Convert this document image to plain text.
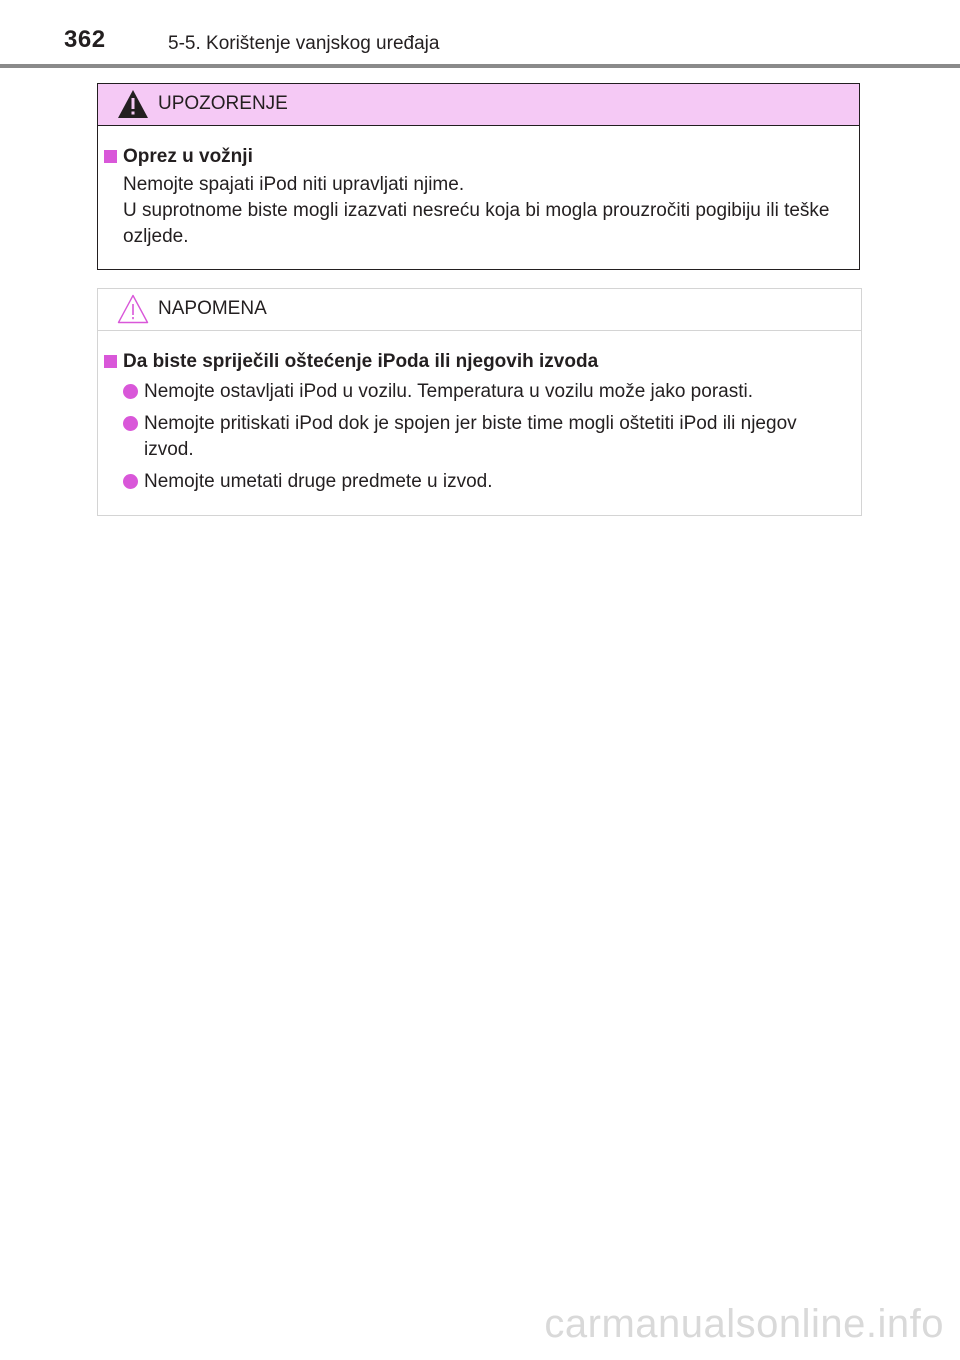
362	5-5. Korištenje vanjskog uređaja
UPOZORENJE
Oprez u vožnji
Nemojte spajati iPod niti upravljati njime.
U suprotnome biste mogli izazvati nesreću koja bi mogla prouzročiti pogibiju ili teške ozljede.
NAPOMENA
Da biste spriječili oštećenje iPoda ili njegovih izvoda
Nemojte ostavljati iPod u vozilu. Temperatura u vozilu može jako porasti.
Nemojte pritiskati iPod dok je spojen jer biste time mogli oštetiti iPod ili njegov izvod.
Nemojte umetati druge predmete u izvod.
carmanualsonline.info
